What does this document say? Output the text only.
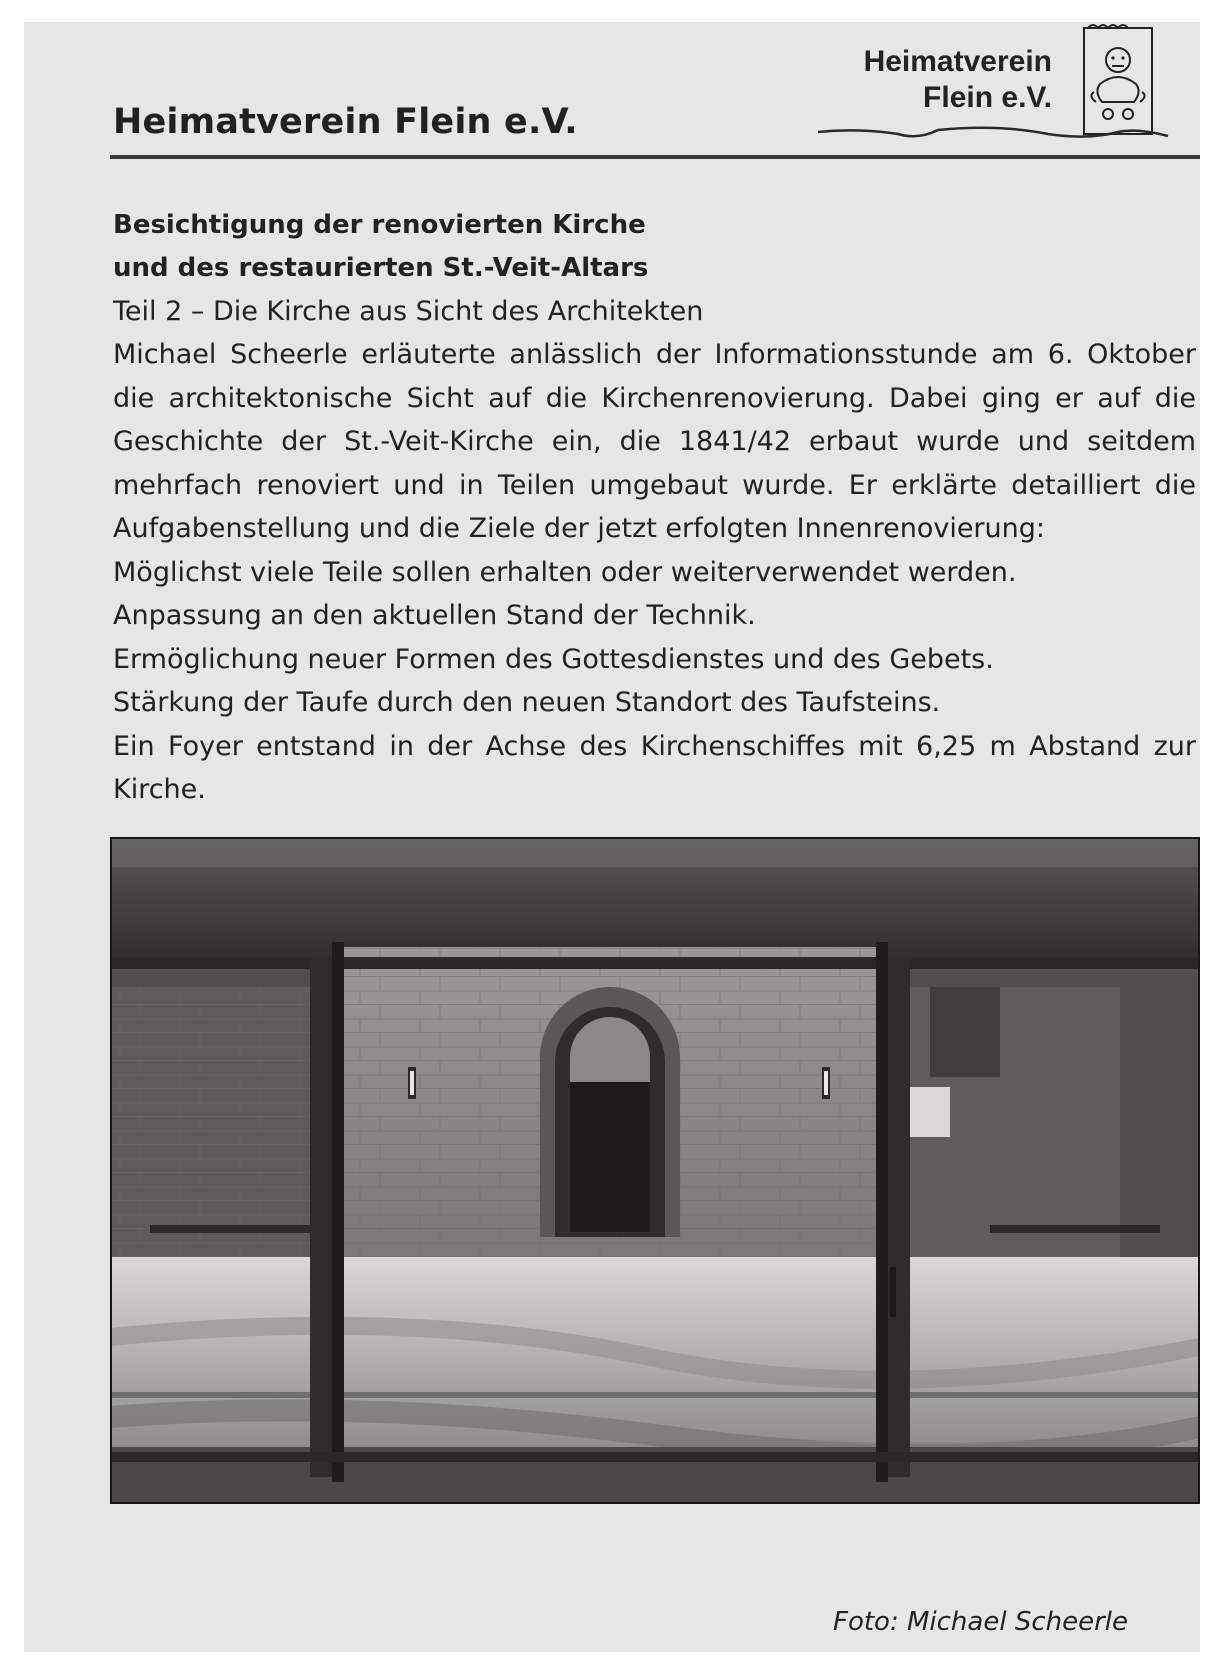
Heimatverein Flein e.V.
Heimatverein
Flein e.V.

Besichtigung der renovierten Kirche

und des restaurierten St.-Veit-Altars

Teil 2 – Die Kirche aus Sicht des Architekten

Michael Scheerle erläuterte anlässlich der Informationsstunde am 6. Oktober die architektonische Sicht auf die Kirchenrenovierung. Dabei ging er auf die Geschichte der St.-Veit-Kirche ein, die 1841/42 erbaut wurde und seitdem mehrfach renoviert und in Teilen umgebaut wurde. Er erklärte detailliert die Aufgabenstellung und die Ziele der jetzt erfolgten Innenrenovierung:

Möglichst viele Teile sollen erhalten oder weiterverwendet werden.

Anpassung an den aktuellen Stand der Technik.

Ermöglichung neuer Formen des Gottesdienstes und des Gebets.

Stärkung der Taufe durch den neuen Standort des Taufsteins.

Ein Foyer entstand in der Achse des Kirchenschiffes mit 6,25 m Abstand zur Kirche.

Foto: Michael Scheerle
